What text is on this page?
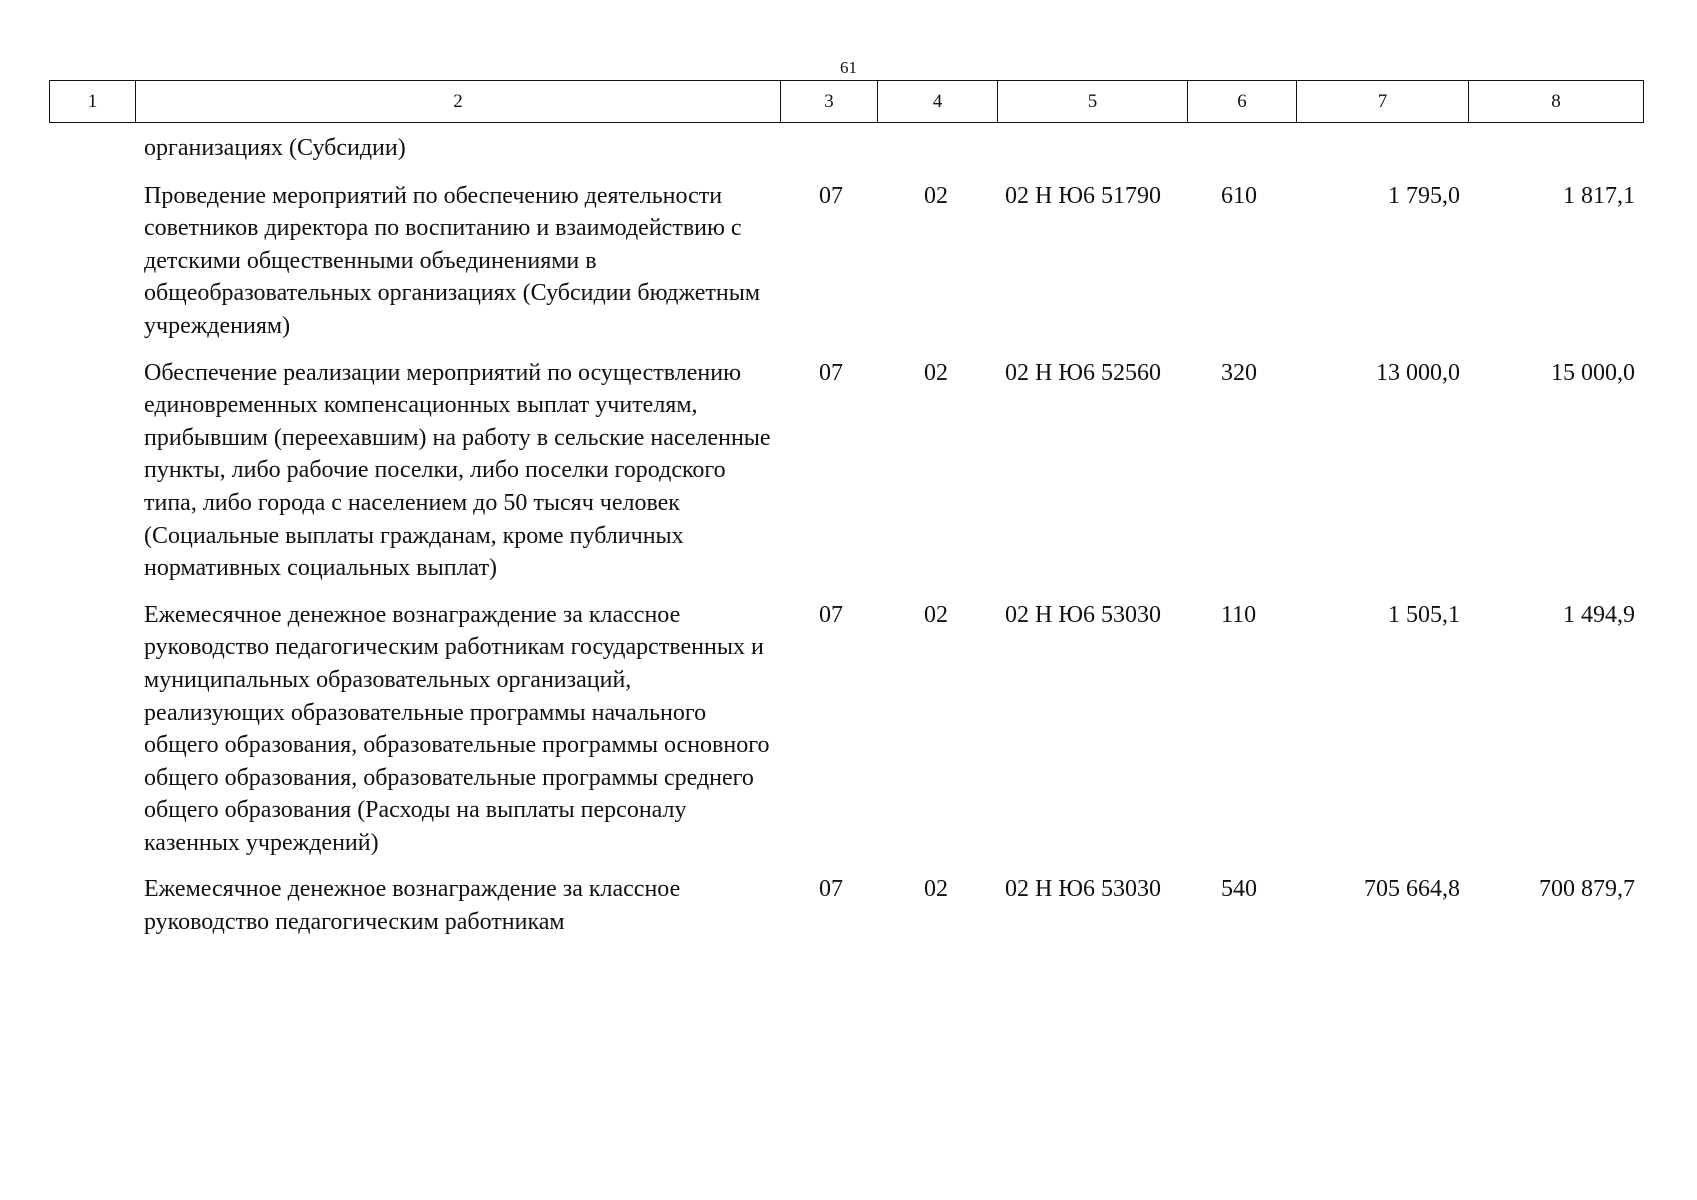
61
1	2	3	4	5	6	7	8
организациях (Субсидии)						
Проведение мероприятий по обеспечению деятельности советников директора по воспитанию и взаимодействию с детскими общественными объединениями в общеобразовательных организациях (Субсидии бюджетным учреждениям)	07	02	02 Н Ю6 51790	610	1 795,0	1 817,1
Обеспечение реализации мероприятий по осуществлению единовременных компенсационных выплат учителям, прибывшим (переехавшим) на работу в сельские населенные пункты, либо рабочие поселки, либо поселки городского типа, либо города с населением до 50 тысяч человек (Социальные выплаты гражданам, кроме публичных нормативных социальных выплат)	07	02	02 Н Ю6 52560	320	13 000,0	15 000,0
Ежемесячное денежное вознаграждение за классное руководство педагогическим работникам государственных и муниципальных образовательных организаций, реализующих образовательные программы начального общего образования, образовательные программы основного общего образования, образовательные программы среднего общего образования (Расходы на выплаты персоналу казенных учреждений)	07	02	02 Н Ю6 53030	110	1 505,1	1 494,9
Ежемесячное денежное вознаграждение за классное руководство педагогическим работникам	07	02	02 Н Ю6 53030	540	705 664,8	700 879,7
